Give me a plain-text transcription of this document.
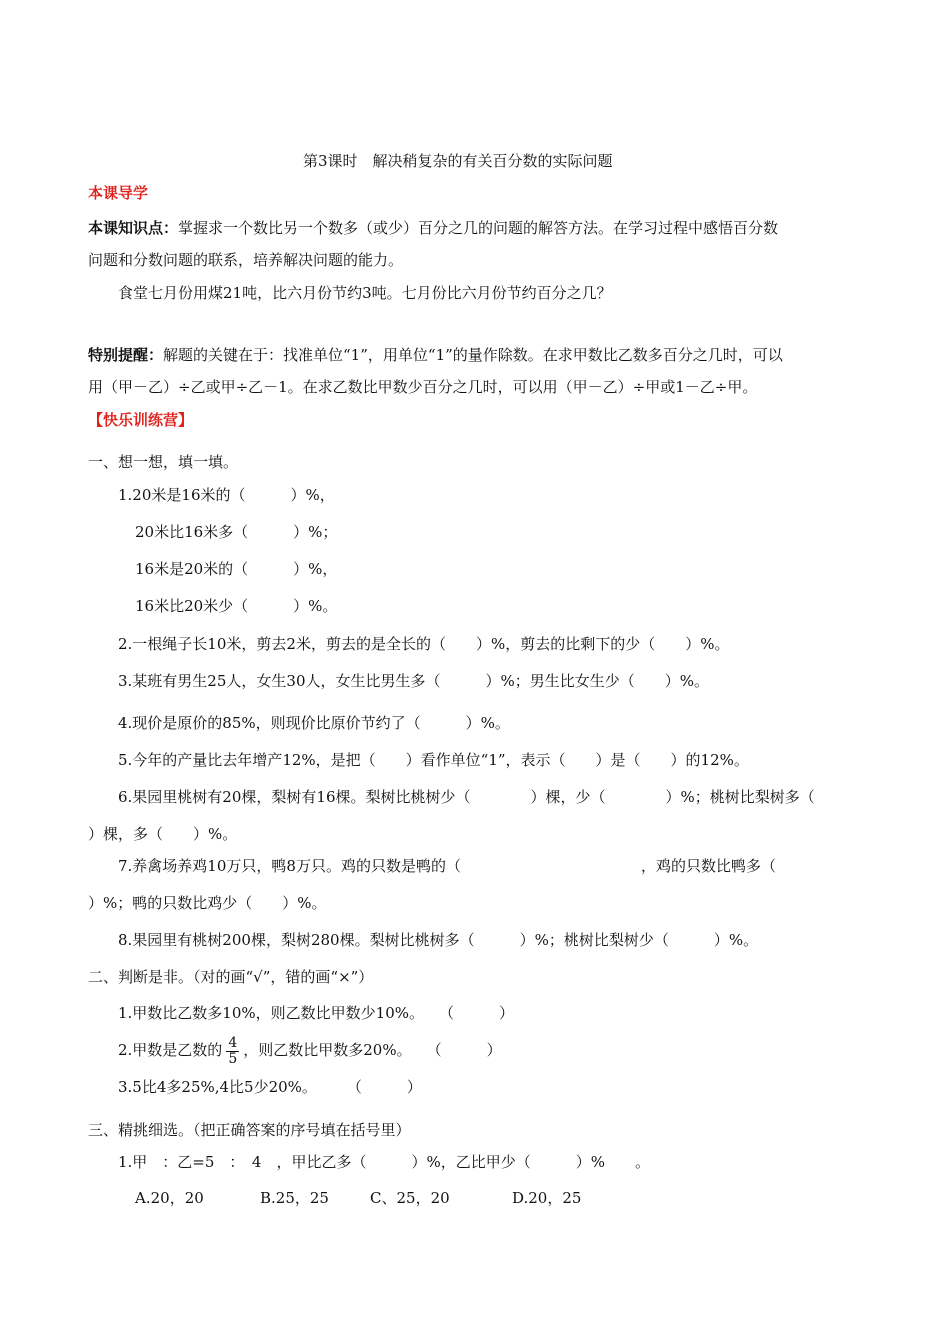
第3课时　解决稍复杂的有关百分数的实际问题
本课导学
本课知识点：掌握求一个数比另一个数多（或少）百分之几的问题的解答方法。在学习过程中感悟百分数
问题和分数问题的联系，培养解决问题的能力。
食堂七月份用煤21吨，比六月份节约3吨。七月份比六月份节约百分之几？
特别提醒：解题的关键在于：找准单位“1”，用单位“1”的量作除数。在求甲数比乙数多百分之几时，可以
用（甲－乙）÷乙或甲÷乙－1。在求乙数比甲数少百分之几时，可以用（甲－乙）÷甲或1－乙÷甲。
【快乐训练营】
一、想一想，填一填。
1.20米是16米的（　　　）%，
20米比16米多（　　　）%；
16米是20米的（　　　）%，
16米比20米少（　　　）%。
2.一根绳子长10米，剪去2米，剪去的是全长的（　　）%，剪去的比剩下的少（　　）%。
3.某班有男生25人，女生30人，女生比男生多（　　　）%；男生比女生少（　　）%。
4.现价是原价的85%，则现价比原价节约了（　　　）%。
5.今年的产量比去年增产12%，是把（　　）看作单位“1”，表示（　　）是（　　）的12%。
6.果园里桃树有20棵，梨树有16棵。梨树比桃树少（　　　　）棵，少（　　　　）%；桃树比梨树多（
）棵，多（　　）%。
7.养禽场养鸡10万只，鸭8万只。鸡的只数是鸭的（　　　　　　　　　　　　，鸡的只数比鸭多（
）%；鸭的只数比鸡少（　　）%。
8.果园里有桃树200棵，梨树280棵。梨树比桃树多（　　　）%；桃树比梨树少（　　　）%。
二、判断是非。（对的画“√”，错的画“×”）
1.甲数比乙数多10%，则乙数比甲数少10%。　　（　　　）
2.甲数是乙数的 $\frac{4}{5}$ ，则乙数比甲数多20%。　　（　　　）
3.5比4多25%,4比5少20%。　　　（　　　）
三、精挑细选。（把正确答案的序号填在括号里）
1.甲　：乙=5　：　4　，甲比乙多（　　　）%，乙比甲少（　　　）%　　。
A.20，20	B.25，25	C、25，20	D.20，25
